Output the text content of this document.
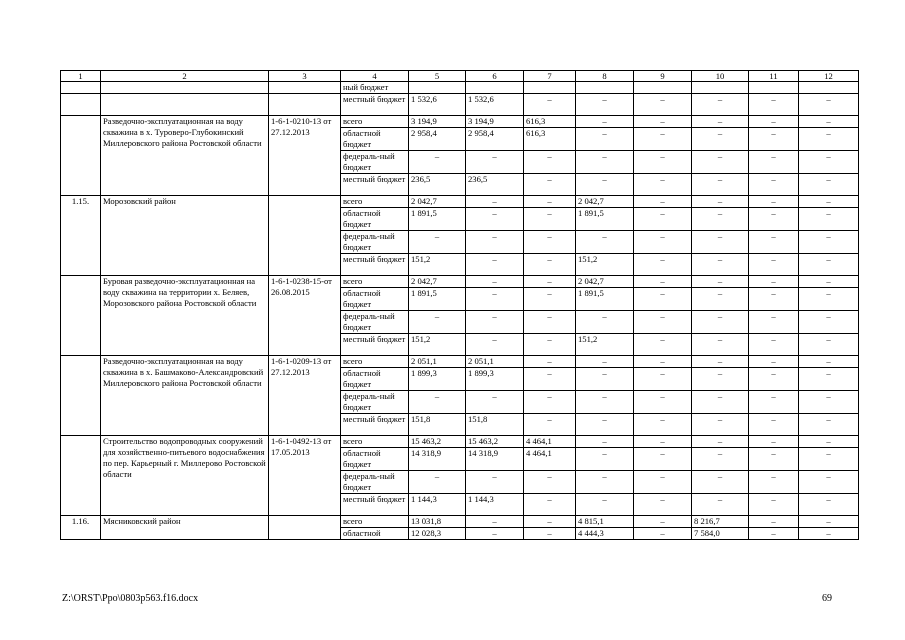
1	2	3	4	5	6	7	8	9	10	11	12
			ный бюджет								
			местный бюджет	1 532,6	1 532,6	–	–	–	–	–	–
	Разведочно-эксплуатационная на воду скважина в х. Туроверо-Глубокинский Миллеровского района Ростовской области	1-6-1-0210-13 от 27.12.2013	всего	3 194,9	3 194,9	616,3	–	–	–	–	–
			областной бюджет	2 958,4	2 958,4	616,3	–	–	–	–	–
			федераль-ный бюджет	–	–	–	–	–	–	–	–
			местный бюджет	236,5	236,5	–	–	–	–	–	–
1.15.	Морозовский район		всего	2 042,7	–	–	2 042,7	–	–	–	–
			областной бюджет	1 891,5	–	–	1 891,5	–	–	–	–
			федераль-ный бюджет	–	–	–	–	–	–	–	–
			местный бюджет	151,2	–	–	151,2	–	–	–	–
	Буровая разведочно-эксплуатационная на воду скважина на территории х. Беляев, Морозовского района Ростовской области	1-6-1-0238-15-от 26.08.2015	всего	2 042,7	–	–	2 042,7	–	–	–	–
			областной бюджет	1 891,5	–	–	1 891,5	–	–	–	–
			федераль-ный бюджет	–	–	–	–	–	–	–	–
			местный бюджет	151,2	–	–	151,2	–	–	–	–
	Разведочно-эксплуатационная на воду скважина в х. Башмаково-Александровский Миллеровского района Ростовской области	1-6-1-0209-13 от 27.12.2013	всего	2 051,1	2 051,1	–	–	–	–	–	–
			областной бюджет	1 899,3	1 899,3	–	–	–	–	–	–
			федераль-ный бюджет	–	–	–	–	–	–	–	–
			местный бюджет	151,8	151,8	–	–	–	–	–	–
	Строительство водопроводных сооружений для хозяйственно-питьевого водоснабжения по пер. Карьерный г. Миллерово Ростовской области	1-6-1-0492-13 от 17.05.2013	всего	15 463,2	15 463,2	4 464,1	–	–	–	–	–
			областной бюджет	14 318,9	14 318,9	4 464,1	–	–	–	–	–
			федераль-ный бюджет	–	–	–	–	–	–	–	–
			местный бюджет	1 144,3	1 144,3	–	–	–	–	–	–
1.16.	Мясниковский район		всего	13 031,8	–	–	4 815,1	–	8 216,7	–	–
			областной	12 028,3	–	–	4 444,3	–	7 584,0	–	–
Z:\ORST\Ppo\0803p563.f16.docx	69
